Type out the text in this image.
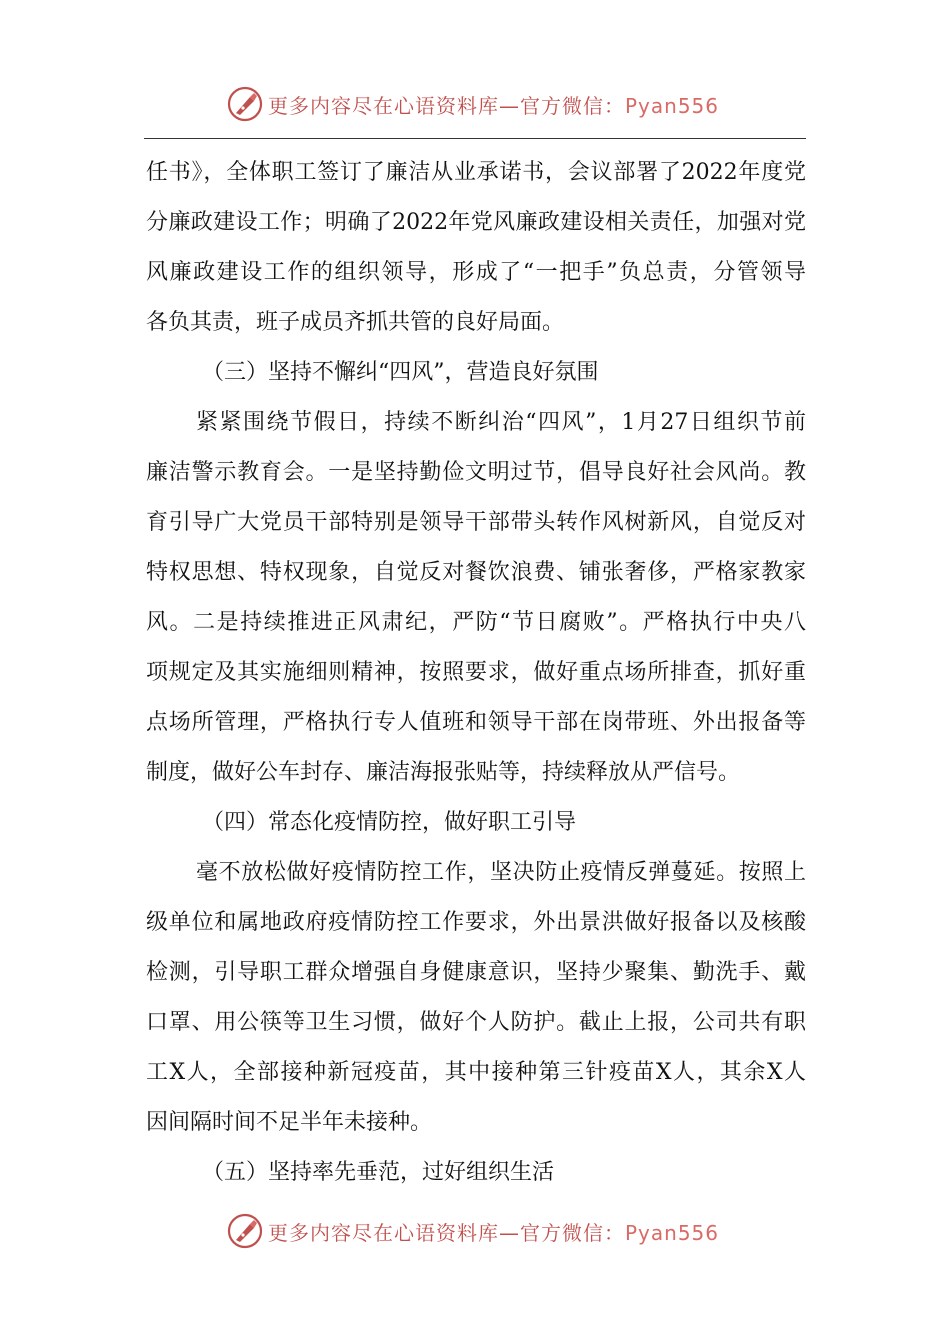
更多内容尽在心语资料库—官方微信：Pyan556
任书》，全体职工签订了廉洁从业承诺书，会议部署了2022年度党
分廉政建设工作；明确了2022年党风廉政建设相关责任，加强对党
风廉政建设工作的组织领导，形成了“一把手”负总责，分管领导
各负其责，班子成员齐抓共管的良好局面。
（三）坚持不懈纠“四风”，营造良好氛围
紧紧围绕节假日，持续不断纠治“四风”，1月27日组织节前
廉洁警示教育会。一是坚持勤俭文明过节，倡导良好社会风尚。教
育引导广大党员干部特别是领导干部带头转作风树新风，自觉反对
特权思想、特权现象，自觉反对餐饮浪费、铺张奢侈，严格家教家
风。二是持续推进正风肃纪，严防“节日腐败”。严格执行中央八
项规定及其实施细则精神，按照要求，做好重点场所排查，抓好重
点场所管理，严格执行专人值班和领导干部在岗带班、外出报备等
制度，做好公车封存、廉洁海报张贴等，持续释放从严信号。
（四）常态化疫情防控，做好职工引导
毫不放松做好疫情防控工作，坚决防止疫情反弹蔓延。按照上
级单位和属地政府疫情防控工作要求，外出景洪做好报备以及核酸
检测，引导职工群众增强自身健康意识，坚持少聚集、勤洗手、戴
口罩、用公筷等卫生习惯，做好个人防护。截止上报，公司共有职
工X人，全部接种新冠疫苗，其中接种第三针疫苗X人，其余X人
因间隔时间不足半年未接种。
（五）坚持率先垂范，过好组织生活
更多内容尽在心语资料库—官方微信：Pyan556
